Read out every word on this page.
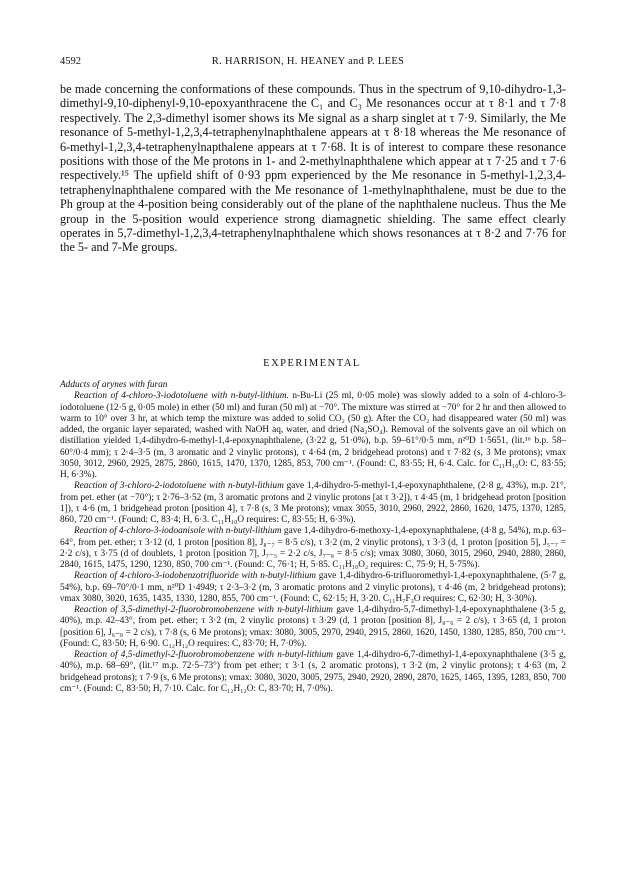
4592	R. HARRISON, H. HEANEY and P. LEES

be made concerning the conformations of these compounds. Thus in the spectrum of 9,10-dihydro-1,3-dimethyl-9,10-diphenyl-9,10-epoxyanthracene the C₁ and C₃ Me resonances occur at τ 8·1 and τ 7·8 respectively. The 2,3-dimethyl isomer shows its Me signal as a sharp singlet at τ 7·9. Similarly, the Me resonance of 5-methyl-1,2,3,4-tetraphenylnaphthalene appears at τ 8·18 whereas the Me resonance of 6-methyl-1,2,3,4-tetraphenylnapthalene appears at τ 7·68. It is of interest to compare these resonance positions with those of the Me protons in 1- and 2-methylnaphthalene which appear at τ 7·25 and τ 7·6 respectively.¹⁵ The upfield shift of 0·93 ppm experienced by the Me resonance in 5-methyl-1,2,3,4-tetraphenylnaphthalene compared with the Me resonance of 1-methylnaphthalene, must be due to the Ph group at the 4-position being considerably out of the plane of the naphthalene nucleus. Thus the Me group in the 5-position would experience strong diamagnetic shielding. The same effect clearly operates in 5,7-dimethyl-1,2,3,4-tetraphenylnaphthalene which shows resonances at τ 8·2 and 7·76 for the 5- and 7-Me groups.

EXPERIMENTAL

Adducts of arynes with furan

Reaction of 4-chloro-3-iodotoluene with n-butyl-lithium. n-Bu-Li (25 ml, 0·05 mole) was slowly added to a soln of 4-chloro-3-iodotoluene (12·5 g, 0·05 mole) in ether (50 ml) and furan (50 ml) at −70°. The mixture was stirred at −70° for 2 hr and then allowed to warm to 10° over 3 hr, at which temp the mixture was added to solid CO₂ (50 g). After the CO₂ had disappeared water (50 ml) was added, the organic layer separated, washed with NaOH aq, water, and dried (Na₂SO₄). Removal of the solvents gave an oil which on distillation yielded 1,4-dihydro-6-methyl-1,4-epoxynaphthalene, (3·22 g, 51·0%), b.p. 59–61°/0·5 mm, n²⁰D 1·5651, (lit.¹⁶ b.p. 58–60°/0·4 mm); τ 2·4–3·5 (m, 3 aromatic and 2 vinylic protons), τ 4·64 (m, 2 bridgehead protons) and τ 7·82 (s, 3 Me protons); νmax 3050, 3012, 2960, 2925, 2875, 2860, 1615, 1470, 1370, 1285, 853, 700 cm⁻¹. (Found: C, 83·55; H, 6·4. Calc. for C₁₁H₁₀O: C, 83·55; H, 6·3%).

Reaction of 3-chloro-2-iodotoluene with n-butyl-lithium gave 1,4-dihydro-5-methyl-1,4-epoxynaphthalene, (2·8 g, 43%), m.p. 21°, from pet. ether (at −70°); τ 2·76–3·52 (m, 3 aromatic protons and 2 vinylic protons [at τ 3·2]), τ 4·45 (m, 1 bridgehead proton [position 1]), τ 4·6 (m, 1 bridgehead proton [position 4], τ 7·8 (s, 3 Me protons); νmax 3055, 3010, 2960, 2922, 2860, 1620, 1475, 1370, 1285, 860, 720 cm⁻¹. (Found: C, 83·4; H, 6·3. C₁₁H₁₀O requires: C, 83·55; H, 6·3%).

Reaction of 4-chloro-3-iodoanisole with n-butyl-lithium gave 1,4-dihydro-6-methoxy-1,4-epoxynaphthalene, (4·8 g, 54%), m.p. 63–64°, from pet. ether; τ 3·12 (d, 1 proton [position 8], J₈₋₇ = 8·5 c/s), τ 3·2 (m, 2 vinylic protons), τ 3·3 (d, 1 proton [position 5], J₅₋₇ = 2·2 c/s), τ 3·75 (d of doublets, 1 proton [position 7], J₇₋₅ = 2·2 c/s, J₇₋₈ = 8·5 c/s); νmax 3080, 3060, 3015, 2960, 2940, 2880, 2860, 2840, 1615, 1475, 1290, 1230, 850, 700 cm⁻¹. (Found: C, 76·1; H, 5·85. C₁₁H₁₀O₂ requires: C, 75·9; H, 5·75%).

Reaction of 4-chloro-3-iodobenzotrifluoride with n-butyl-lithium gave 1,4-dihydro-6-trifluoromethyl-1,4-epoxynaphthalene, (5·7 g, 54%), b.p. 69–70°/0·1 mm, n²⁰D 1·4949; τ 2·3–3·2 (m, 3 aromatic protons and 2 vinylic protons), τ 4·46 (m, 2 bridgehead protons); νmax 3080, 3020, 1635, 1435, 1330, 1280, 855, 700 cm⁻¹. (Found: C, 62·15; H, 3·20. C₁₁H₇F₃O requires: C, 62·30; H, 3·30%).

Reaction of 3,5-dimethyl-2-fluorobromobenzene with n-butyl-lithium gave 1,4-dihydro-5,7-dimethyl-1,4-epoxynaphthalene (3·5 g, 40%), m.p. 42–43°, from pet. ether; τ 3·2 (m, 2 vinylic protons) τ 3·29 (d, 1 proton [position 8], J₈₋₆ = 2 c/s), τ 3·65 (d, 1 proton [position 6], J₆₋₈ = 2 c/s), τ 7·8 (s, 6 Me protons); νmax: 3080, 3005, 2970, 2940, 2915, 2860, 1620, 1450, 1380, 1285, 850, 700 cm⁻¹. (Found: C, 83·50; H, 6·90. C₁₂H₁₂O requires: C, 83·70; H, 7·0%).

Reaction of 4,5-dimethyl-2-fluorobromobenzene with n-butyl-lithium gave 1,4-dihydro-6,7-dimethyl-1,4-epoxynaphthalene (3·5 g, 40%), m.p. 68–69°, (lit.¹⁷ m.p. 72·5–73°) from pet ether; τ 3·1 (s, 2 aromatic protons), τ 3·2 (m, 2 vinylic protons); τ 4·63 (m, 2 bridgehead protons); τ 7·9 (s, 6 Me protons); νmax: 3080, 3020, 3005, 2975, 2940, 2920, 2890, 2870, 1625, 1465, 1395, 1283, 850, 700 cm⁻¹. (Found: C, 83·50; H, 7·10. Calc. for C₁₂H₁₂O: C, 83·70; H, 7·0%).
